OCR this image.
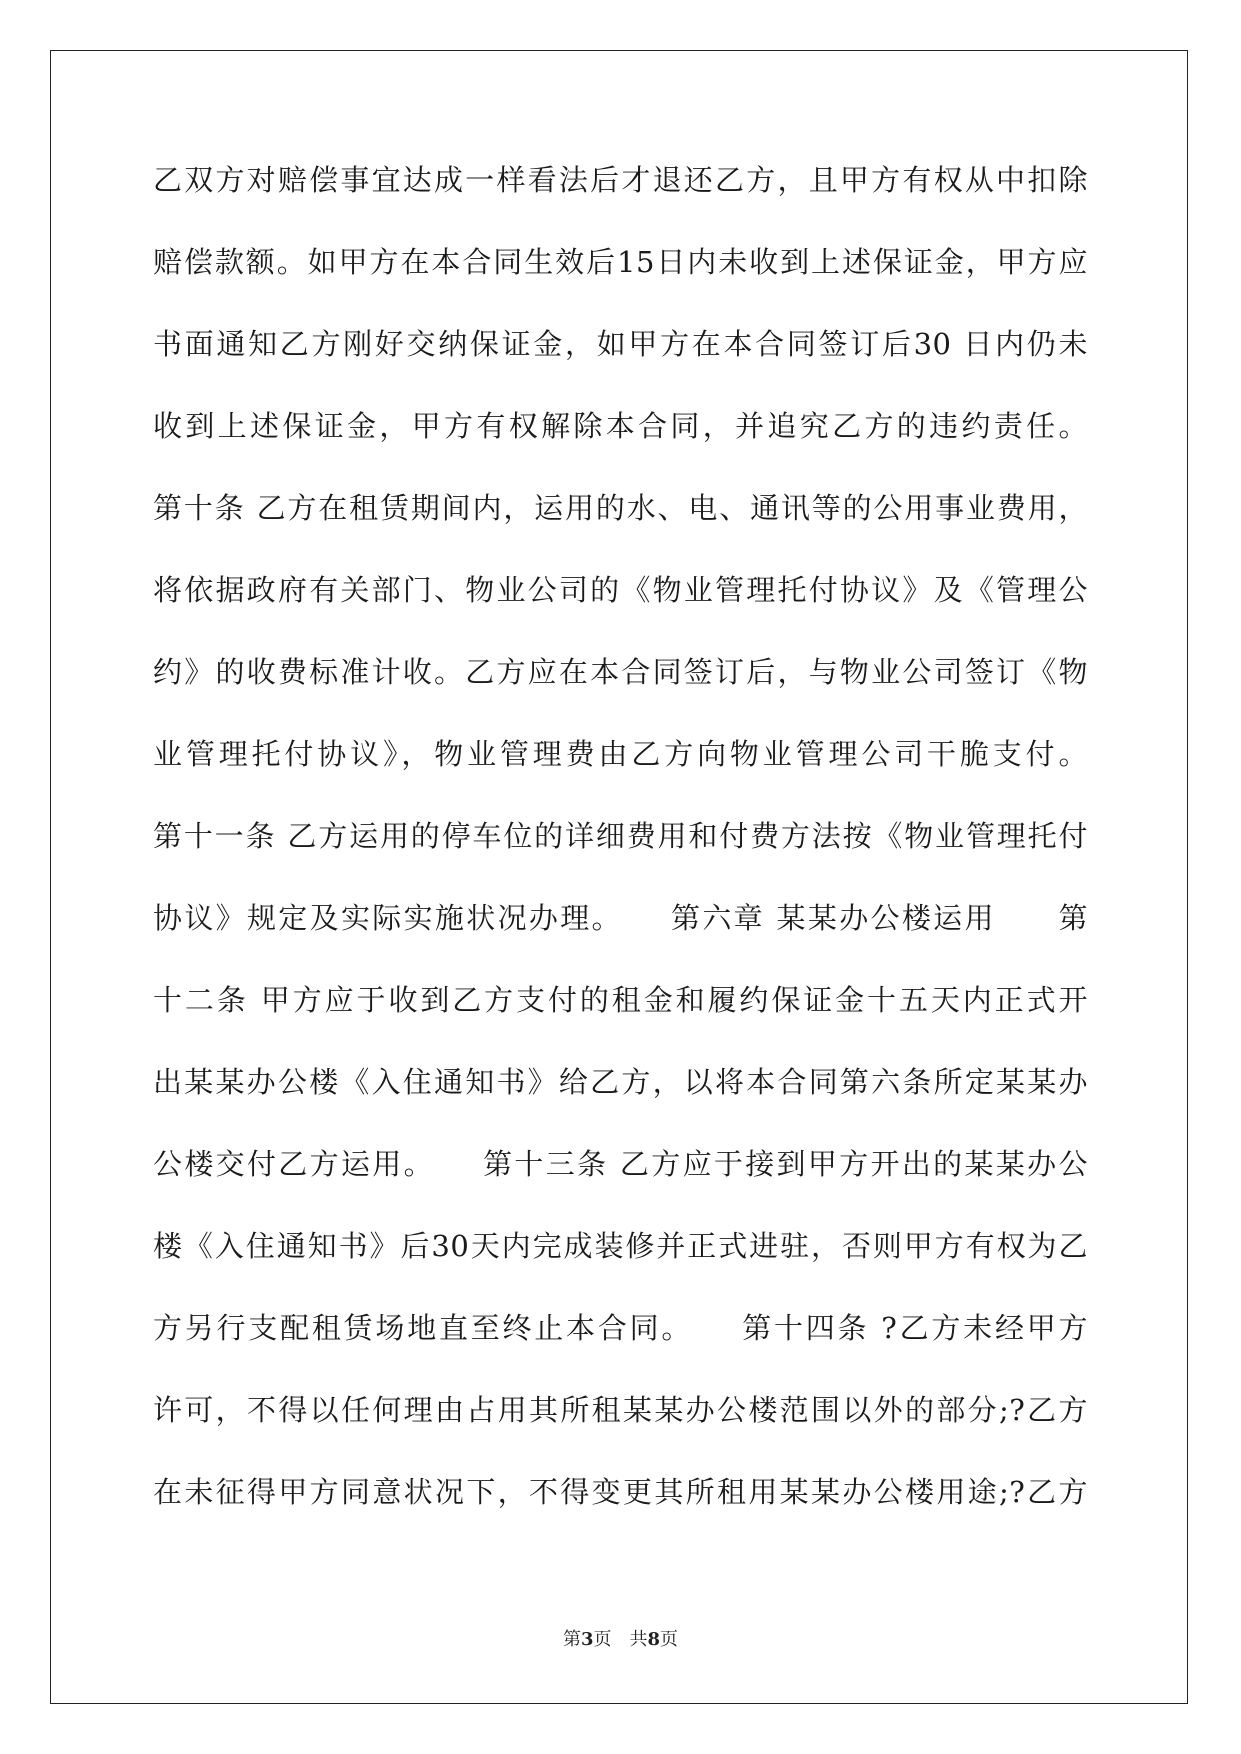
乙双方对赔偿事宜达成一样看法后才退还乙方，且甲方有权从中扣除
赔偿款额。如甲方在本合同生效后15日内未收到上述保证金，甲方应
书面通知乙方刚好交纳保证金，如甲方在本合同签订后30 日内仍未
收到上述保证金，甲方有权解除本合同，并追究乙方的违约责任。
第十条 乙方在租赁期间内，运用的水、电、通讯等的公用事业费用，
将依据政府有关部门、物业公司的《物业管理托付协议》及《管理公
约》的收费标准计收。乙方应在本合同签订后，与物业公司签订《物
业管理托付协议》，物业管理费由乙方向物业管理公司干脆支付。
第十一条 乙方运用的停车位的详细费用和付费方法按《物业管理托付
协议》规定及实际实施状况办理。　　第六章 某某办公楼运用　　第
十二条 甲方应于收到乙方支付的租金和履约保证金十五天内正式开
出某某办公楼《入住通知书》给乙方，以将本合同第六条所定某某办
公楼交付乙方运用。　　第十三条 乙方应于接到甲方开出的某某办公
楼《入住通知书》后30天内完成装修并正式进驻，否则甲方有权为乙
方另行支配租赁场地直至终止本合同。　　第十四条 ?乙方未经甲方
许可，不得以任何理由占用其所租某某办公楼范围以外的部分;?乙方
在未征得甲方同意状况下，不得变更其所租用某某办公楼用途;?乙方
第3页 共8页
